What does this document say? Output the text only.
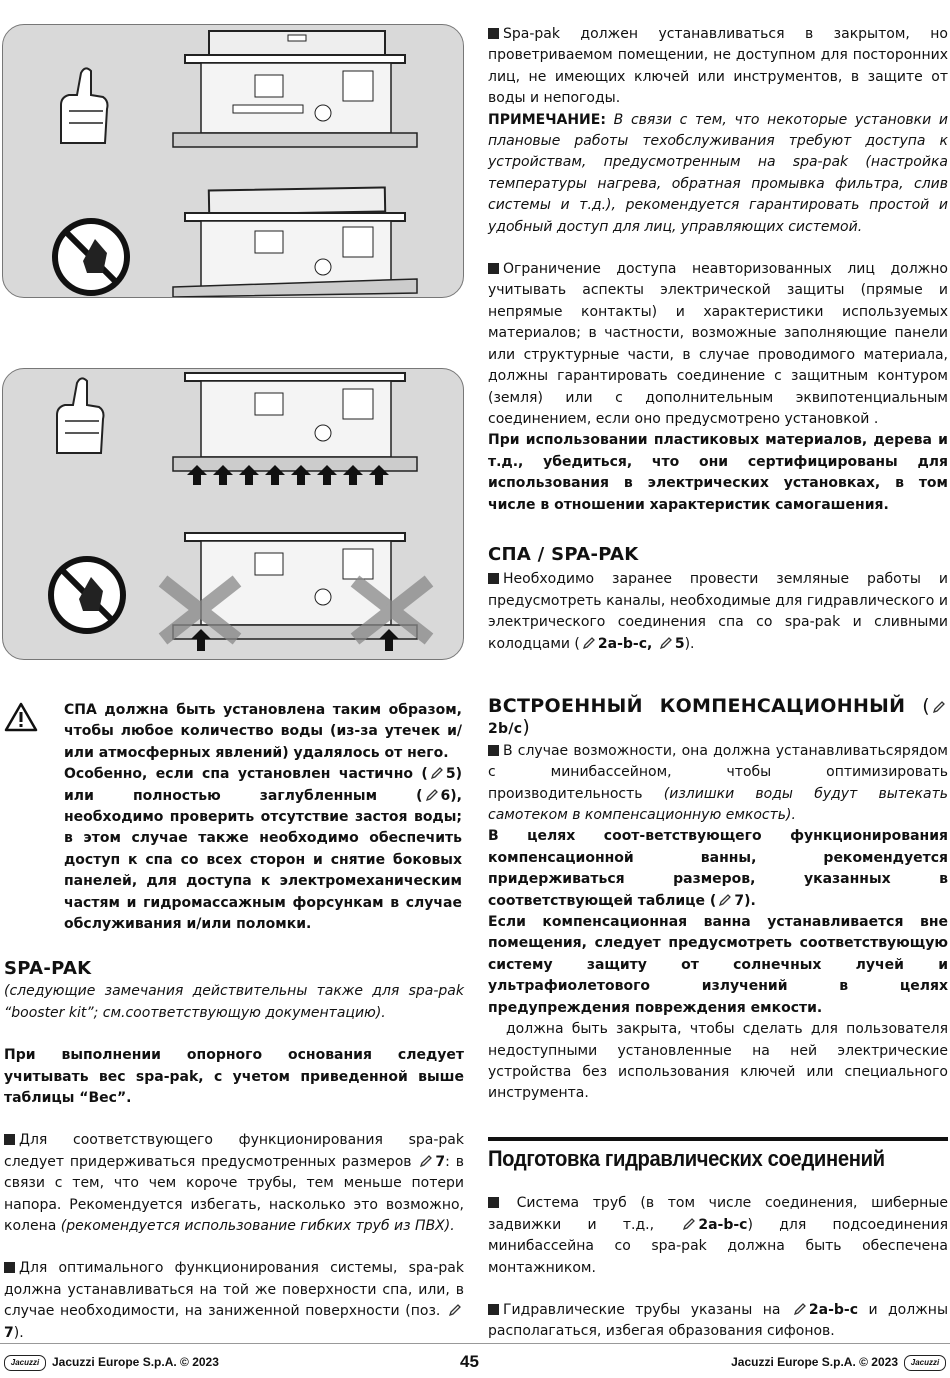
Spa-pak должен устанавливаться в закрытом, но проветриваемом помещении, не доступном для посторонних лиц, не имеющих ключей или инструментов, в защите от воды и непогоды.

ПРИМЕЧАНИЕ: В связи с тем, что некоторые установки и плановые работы техобслуживания требуют доступа к устройствам, предусмотренным на spa-pak (настройка температуры нагрева, обратная промывка фильтра, слив системы и т.д.), рекомендуется гарантировать простой и удобный доступ для лиц, управляющих системой.

Ограничение доступа неавторизованных лиц должно учитывать аспекты электрической защиты (прямые и непрямые контакты) и характеристики используемых материалов; в частности, возможные заполняющие панели или структурные части, в случае проводимого материала, должны гарантировать соединение с защитным контуром (земля) или с дополнительным эквипотенциальным соединением, если оно предусмотрено установкой .

При использовании пластиковых материалов, дерева и т.д., убедиться, что они сертифицированы для использования в электрических установках, в том числе в отношении характеристик самогашения.

СПА / SPA-PAK

Необходимо заранее провести земляные работы и предусмотреть каналы, необходимые для гидравлического и электрического соединения спа со spa-pak и сливными колодцами ( 2a-b-c, 5).

СПА должна быть установлена таким образом, чтобы любое количество воды (из-за утечек и/или атмосферных явлений) удалялось от него.

Особенно, если спа установлен частично ( 5) или полностью заглубленным ( 6), необходимо проверить отсутствие застоя воды; в этом случае также необходимо обеспечить доступ к спа со всех сторон и снятие боковых панелей, для доступа к электромеханическим частям и гидромассажным форсункам в случае обслуживания и/или поломки.

SPA-PAK

(следующие замечания действительны также для spa-pak “booster kit”; см.соответствующую документацию).

При выполнении опорного основания следует учитывать вес spa-pak, с учетом приведенной выше таблицы “Вес”.

Для соответствующего функционирования spa-pak следует придерживаться предусмотренных размеров 7: в связи с тем, что чем короче трубы, тем меньше потери напора. Рекомендуется избегать, насколько это возможно, колена (рекомендуется использование гибких труб из ПВХ).

Для оптимального функционирования системы, spa-pak должна устанавливаться на той же поверхности спа, или, в случае необходимости, на заниженной поверхности (поз. 7).

ВСТРОЕННЫЙ КОМПЕНСАЦИОННЫЙ (2b/c)

В случае возможности, она должна устанавливатьсярядом с минибассейном, чтобы оптимизировать производительность (излишки воды будут вытекать самотеком в компенсационную емкость).

В целях соот-ветствующего функционирования компенсационной ванны, рекомендуется придерживаться размеров, указанных в соответствующей таблице ( 7).

Если компенсационная ванна устанавливается вне помещения, следует предусмотреть соответствующую систему защиту от солнечных лучей и ультрафиолетового излучений в целях предупреждения повреждения емкости.

должна быть закрыта, чтобы сделать для пользователя недоступными установленные на ней электрические устройства без использования ключей или специального инструмента.

Подготовка гидравлических соединений

Система труб (в том числе соединения, шиберные задвижки и т.д.,	2a-b-c) для подсоединения минибассейна со spa-pak должна быть обеспечена монтажником.

Гидравлические трубы указаны на 2a-b-c и должны располагаться, избегая образования сифонов.

Jacuzzi Jacuzzi Europe S.p.A. © 2023	45	Jacuzzi Europe S.p.A. © 2023 Jacuzzi
